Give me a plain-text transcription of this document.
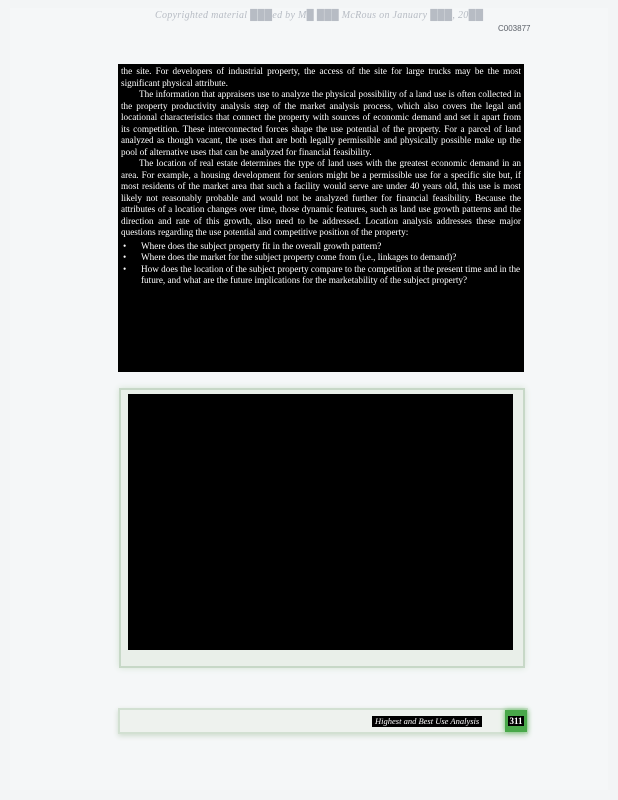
Copyrighted material ███ed by M█ ███ McRous on January ███, 20██
C003877

the site. For developers of industrial property, the access of the site for large trucks may be the most significant physical attribute.

The information that appraisers use to analyze the physical possibility of a land use is often collected in the property productivity analysis step of the market analysis process, which also covers the legal and locational characteristics that connect the property with sources of economic demand and set it apart from its competition. These interconnected forces shape the use potential of the property. For a parcel of land analyzed as though vacant, the uses that are both legally permissible and physically possible make up the pool of alternative uses that can be analyzed for financial feasibility.

The location of real estate determines the type of land uses with the greatest economic demand in an area. For example, a housing development for seniors might be a permissible use for a specific site but, if most residents of the market area that such a facility would serve are under 40 years old, this use is most likely not reasonably probable and would not be analyzed further for financial feasibility. Because the attributes of a location changes over time, those dynamic features, such as land use growth patterns and the direction and rate of this growth, also need to be addressed. Location analysis addresses these major questions regarding the use potential and competitive position of the property:

• Where does the subject property fit in the overall growth pattern?
• Where does the market for the subject property come from (i.e., linkages to demand)?
• How does the location of the subject property compare to the competition at the present time and in the future, and what are the future implications for the marketability of the subject property?
Highest and Best Use Analysis	311
